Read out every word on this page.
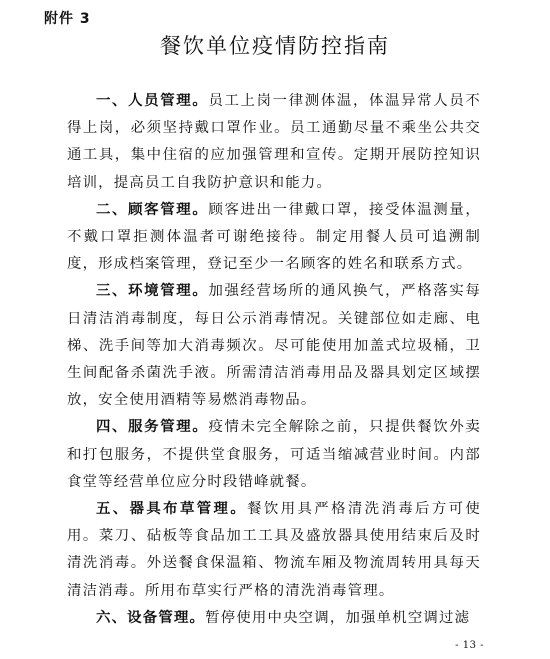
附件 3
餐饮单位疫情防控指南

一、人员管理。员工上岗一律测体温，体温异常人员不得上岗，必须坚持戴口罩作业。员工通勤尽量不乘坐公共交通工具，集中住宿的应加强管理和宣传。定期开展防控知识培训，提高员工自我防护意识和能力。

二、顾客管理。顾客进出一律戴口罩，接受体温测量，不戴口罩拒测体温者可谢绝接待。制定用餐人员可追溯制度，形成档案管理，登记至少一名顾客的姓名和联系方式。

三、环境管理。加强经营场所的通风换气，严格落实每日清洁消毒制度，每日公示消毒情况。关键部位如走廊、电梯、洗手间等加大消毒频次。尽可能使用加盖式垃圾桶，卫生间配备杀菌洗手液。所需清洁消毒用品及器具划定区域摆放，安全使用酒精等易燃消毒物品。

四、服务管理。疫情未完全解除之前，只提供餐饮外卖和打包服务，不提供堂食服务，可适当缩减营业时间。内部食堂等经营单位应分时段错峰就餐。

五、器具布草管理。餐饮用具严格清洗消毒后方可使用。菜刀、砧板等食品加工工具及盛放器具使用结束后及时清洗消毒。外送餐食保温箱、物流车厢及物流周转用具每天清洁消毒。所用布草实行严格的清洗消毒管理。

六、设备管理。暂停使用中央空调，加强单机空调过滤

- 13 -
